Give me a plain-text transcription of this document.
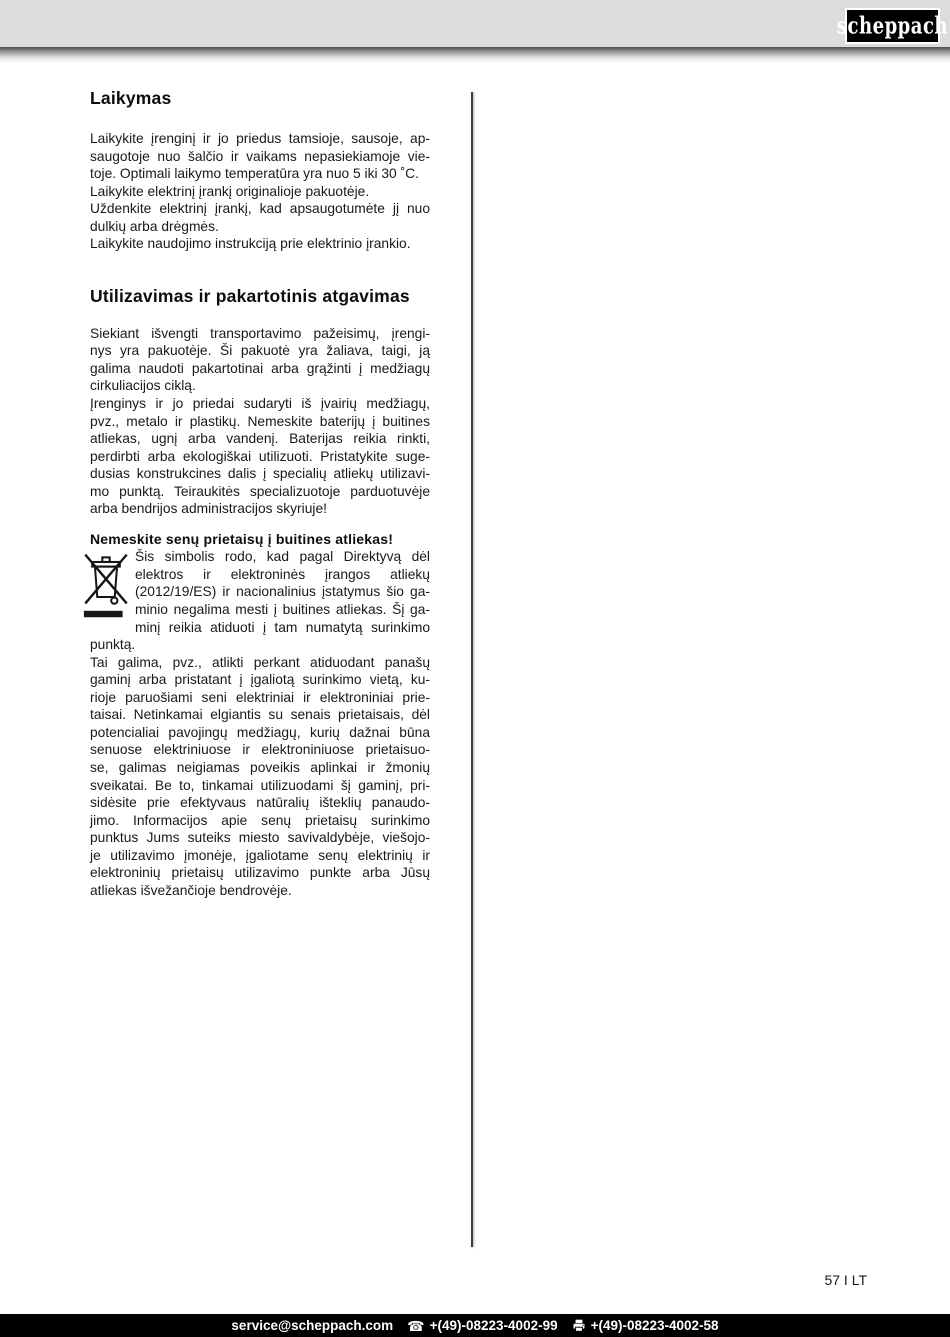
scheppach
Laikymas
Laikykite įrenginį ir jo priedus tamsioje, sausoje, ap-
saugotoje nuo šalčio ir vaikams nepasiekiamoje vie-
toje. Optimali laikymo temperatūra yra nuo 5 iki 30 ˚C.
Laikykite elektrinį įrankį originalioje pakuotėje.
Uždenkite elektrinį įrankį, kad apsaugotumėte jį nuo
dulkių arba drėgmės.
Laikykite naudojimo instrukciją prie elektrinio įrankio.
Utilizavimas ir pakartotinis atgavimas
Siekiant išvengti transportavimo pažeisimų, įrengi-
nys yra pakuotėje. Ši pakuotė yra žaliava, taigi, ją
galima naudoti pakartotinai arba grąžinti į medžiagų
cirkuliacijos ciklą.
Įrenginys ir jo priedai sudaryti iš įvairių medžiagų,
pvz., metalo ir plastikų. Nemeskite baterijų į buitines
atliekas, ugnį arba vandenį. Baterijas reikia rinkti,
perdirbti arba ekologiškai utilizuoti. Pristatykite suge-
dusias konstrukcines dalis į specialių atliekų utilizavi-
mo punktą. Teiraukitės specializuotoje parduotuvėje
arba bendrijos administracijos skyriuje!
Nemeskite senų prietaisų į buitines atliekas!
Šis simbolis rodo, kad pagal Direktyvą dėl
elektros ir elektroninės įrangos atliekų
(2012/19/ES) ir nacionalinius įstatymus šio ga-
minio negalima mesti į buitines atliekas. Šį ga-
minį reikia atiduoti į tam numatytą surinkimo punktą.
Tai galima, pvz., atlikti perkant atiduodant panašų
gaminį arba pristatant į įgaliotą surinkimo vietą, ku-
rioje paruošiami seni elektriniai ir elektroniniai prie-
taisai. Netinkamai elgiantis su senais prietaisais, dėl
potencialiai pavojingų medžiagų, kurių dažnai būna
senuose elektriniuose ir elektroniniuose prietaisuo-
se, galimas neigiamas poveikis aplinkai ir žmonių
sveikatai. Be to, tinkamai utilizuodami šį gaminį, pri-
sidėsite prie efektyvaus natūralių išteklių panaudo-
jimo. Informacijos apie senų prietaisų surinkimo
punktus Jums suteiks miesto savivaldybėje, viešojo-
je utilizavimo įmonėje, įgaliotame senų elektrinių ir
elektroninių prietaisų utilizavimo punkte arba Jūsų
atliekas išvežančioje bendrovėje.
57 I LT
service@scheppach.com ☎︎ +(49)-08223-4002-99 +(49)-08223-4002-58
